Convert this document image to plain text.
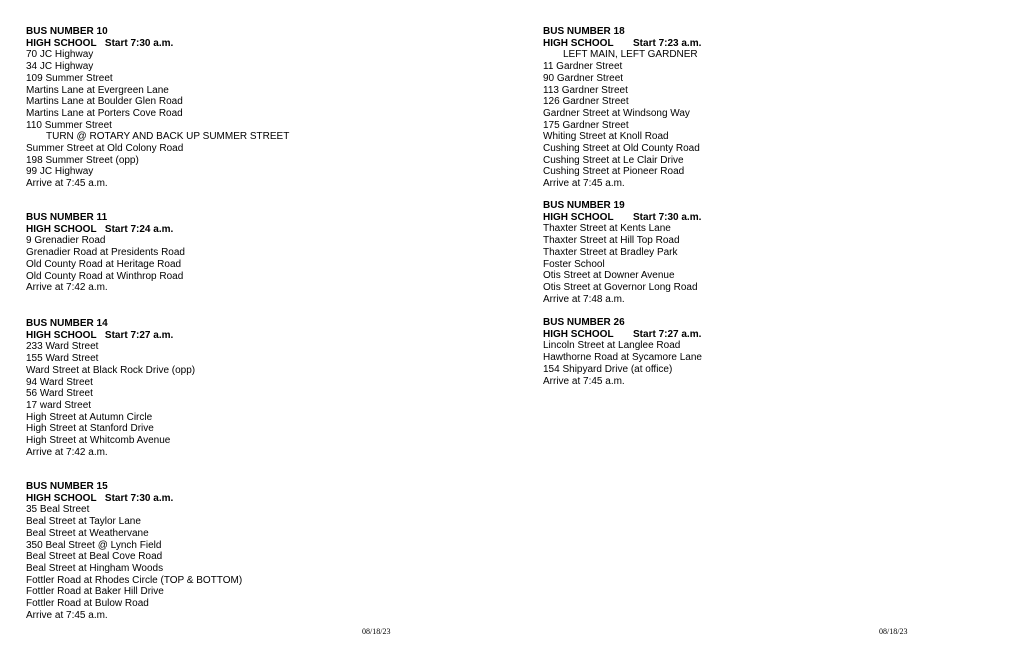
BUS NUMBER 10
HIGH SCHOOL Start 7:30 a.m.
70 JC Highway
34 JC Highway
109 Summer Street
Martins Lane at Evergreen Lane
Martins Lane at Boulder Glen Road
Martins Lane at Porters Cove Road
110 Summer Street
TURN @ ROTARY AND BACK UP SUMMER STREET
Summer Street at Old Colony Road
198 Summer Street (opp)
99 JC Highway
Arrive at 7:45 a.m.
BUS NUMBER 11
HIGH SCHOOL Start 7:24 a.m.
9 Grenadier Road
Grenadier Road at Presidents Road
Old County Road at Heritage Road
Old County Road at Winthrop Road
Arrive at 7:42 a.m.
BUS NUMBER 14
HIGH SCHOOL Start 7:27 a.m.
233 Ward Street
155 Ward Street
Ward Street at Black Rock Drive (opp)
94 Ward Street
56 Ward Street
17 ward Street
High Street at Autumn Circle
High Street at Stanford Drive
High Street at Whitcomb Avenue
Arrive at 7:42 a.m.
BUS NUMBER 15
HIGH SCHOOL Start 7:30 a.m.
35 Beal Street
Beal Street at Taylor Lane
Beal Street at Weathervane
350 Beal Street @ Lynch Field
Beal Street at Beal Cove Road
Beal Street at Hingham Woods
Fottler Road at Rhodes Circle (TOP & BOTTOM)
Fottler Road at Baker Hill Drive
Fottler Road at Bulow Road
Arrive at 7:45 a.m.
BUS NUMBER 18
HIGH SCHOOL Start 7:23 a.m.
LEFT MAIN, LEFT GARDNER
11 Gardner Street
90 Gardner Street
113 Gardner Street
126 Gardner Street
Gardner Street at Windsong Way
175 Gardner Street
Whiting Street at Knoll Road
Cushing Street at Old County Road
Cushing Street at Le Clair Drive
Cushing Street at Pioneer Road
Arrive at 7:45 a.m.
BUS NUMBER 19
HIGH SCHOOL Start 7:30 a.m.
Thaxter Street at Kents Lane
Thaxter Street at Hill Top Road
Thaxter Street at Bradley Park
Foster School
Otis Street at Downer Avenue
Otis Street at Governor Long Road
Arrive at 7:48 a.m.
BUS NUMBER 26
HIGH SCHOOL Start 7:27 a.m.
Lincoln Street at Langlee Road
Hawthorne Road at Sycamore Lane
154 Shipyard Drive (at office)
Arrive at 7:45 a.m.
08/18/23	08/18/23
